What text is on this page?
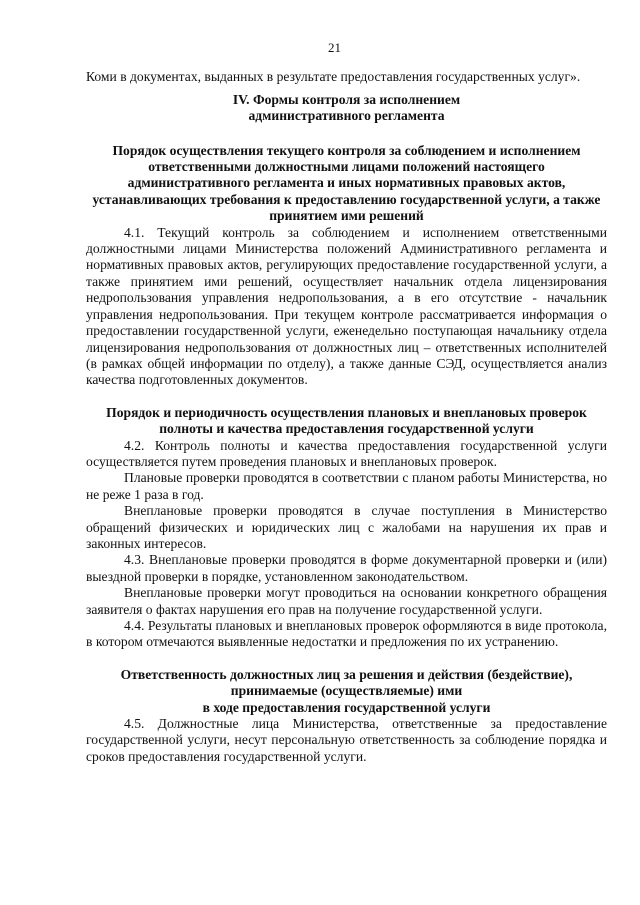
21

Коми в документах, выданных в результате предоставления государственных услуг».

IV. Формы контроля за исполнением
административного регламента
Порядок осуществления текущего контроля за соблюдением и исполнением ответственными должностными лицами положений настоящего административного регламента и иных нормативных правовых актов, устанавливающих требования к предоставлению государственной услуги, а также принятием ими решений

4.1. Текущий контроль за соблюдением и исполнением ответственными должностными лицами Министерства положений Административного регламента и нормативных правовых актов, регулирующих предоставление государственной услуги, а также принятием ими решений, осуществляет начальник отдела лицензирования недропользования управления недропользования, а в его отсутствие - начальник управления недропользования. При текущем контроле рассматривается информация о предоставлении государственной услуги, еженедельно поступающая начальнику отдела лицензирования недропользования от должностных лиц – ответственных исполнителей (в рамках общей информации по отделу), а также данные СЭД, осуществляется анализ качества подготовленных документов.

Порядок и периодичность осуществления плановых и внеплановых проверок полноты и качества предоставления государственной услуги

4.2. Контроль полноты и качества предоставления государственной услуги осуществляется путем проведения плановых и внеплановых проверок.

Плановые проверки проводятся в соответствии с планом работы Министерства, но не реже 1 раза в год.

Внеплановые проверки проводятся в случае поступления в Министерство обращений физических и юридических лиц с жалобами на нарушения их прав и законных интересов.

4.3. Внеплановые проверки проводятся в форме документарной проверки и (или) выездной проверки в порядке, установленном законодательством.

Внеплановые проверки могут проводиться на основании конкретного обращения заявителя о фактах нарушения его прав на получение государственной услуги.

4.4. Результаты плановых и внеплановых проверок оформляются в виде протокола, в котором отмечаются выявленные недостатки и предложения по их устранению.

Ответственность должностных лиц за решения и действия (бездействие),
принимаемые (осуществляемые) ими
в ходе предоставления государственной услуги

4.5. Должностные лица Министерства, ответственные за предоставление государственной услуги, несут персональную ответственность за соблюдение порядка и сроков предоставления государственной услуги.
